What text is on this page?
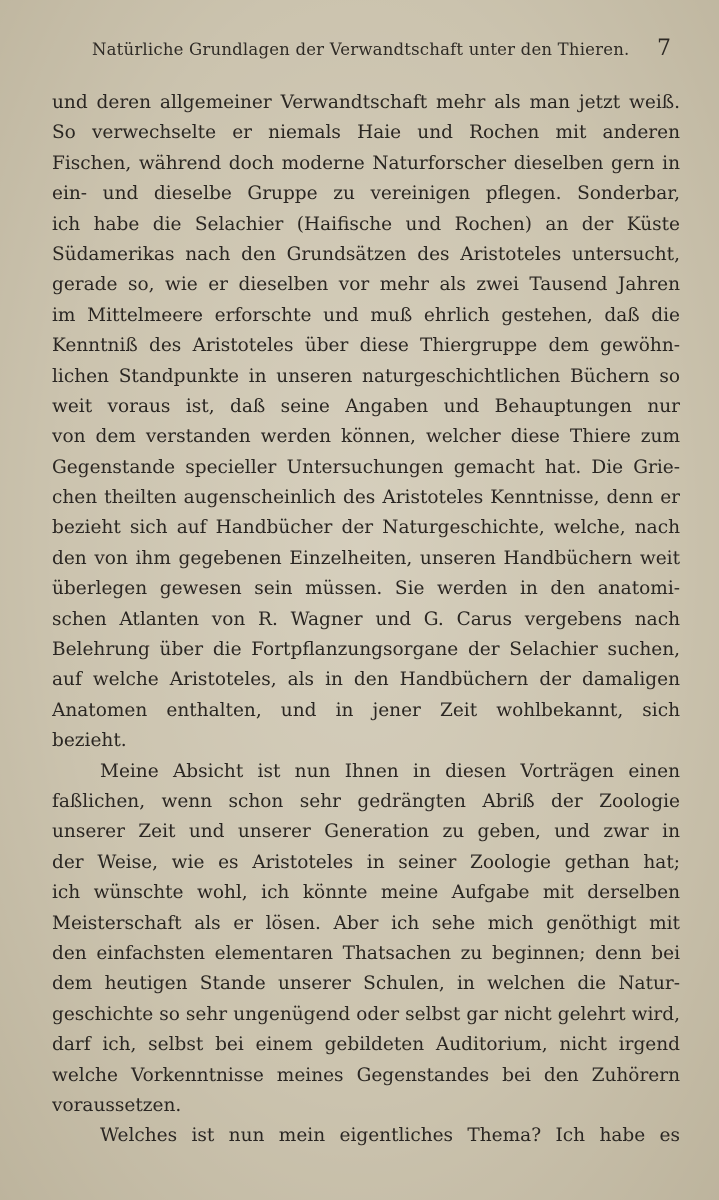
Natürliche Grundlagen der Verwandtschaft unter den Thieren. 7
und deren allgemeiner Verwandtschaft mehr als man jetzt weiß.
So verwechselte er niemals Haie und Rochen mit anderen
Fischen, während doch moderne Naturforscher dieselben gern in
ein- und dieselbe Gruppe zu vereinigen pflegen. Sonderbar,
ich habe die Selachier (Haifische und Rochen) an der Küste
Südamerikas nach den Grundsätzen des Aristoteles untersucht,
gerade so, wie er dieselben vor mehr als zwei Tausend Jahren
im Mittelmeere erforschte und muß ehrlich gestehen, daß die
Kenntniß des Aristoteles über diese Thiergruppe dem gewöhn-
lichen Standpunkte in unseren naturgeschichtlichen Büchern so
weit voraus ist, daß seine Angaben und Behauptungen nur
von dem verstanden werden können, welcher diese Thiere zum
Gegenstande specieller Untersuchungen gemacht hat. Die Grie-
chen theilten augenscheinlich des Aristoteles Kenntnisse, denn er
bezieht sich auf Handbücher der Naturgeschichte, welche, nach
den von ihm gegebenen Einzelheiten, unseren Handbüchern weit
überlegen gewesen sein müssen. Sie werden in den anatomi-
schen Atlanten von R. Wagner und G. Carus vergebens nach
Belehrung über die Fortpflanzungsorgane der Selachier suchen,
auf welche Aristoteles, als in den Handbüchern der damaligen
Anatomen enthalten, und in jener Zeit wohlbekannt, sich
bezieht.
Meine Absicht ist nun Ihnen in diesen Vorträgen einen
faßlichen, wenn schon sehr gedrängten Abriß der Zoologie
unserer Zeit und unserer Generation zu geben, und zwar in
der Weise, wie es Aristoteles in seiner Zoologie gethan hat;
ich wünschte wohl, ich könnte meine Aufgabe mit derselben
Meisterschaft als er lösen. Aber ich sehe mich genöthigt mit
den einfachsten elementaren Thatsachen zu beginnen; denn bei
dem heutigen Stande unserer Schulen, in welchen die Natur-
geschichte so sehr ungenügend oder selbst gar nicht gelehrt wird,
darf ich, selbst bei einem gebildeten Auditorium, nicht irgend
welche Vorkenntnisse meines Gegenstandes bei den Zuhörern
voraussetzen.
Welches ist nun mein eigentliches Thema? Ich habe es
